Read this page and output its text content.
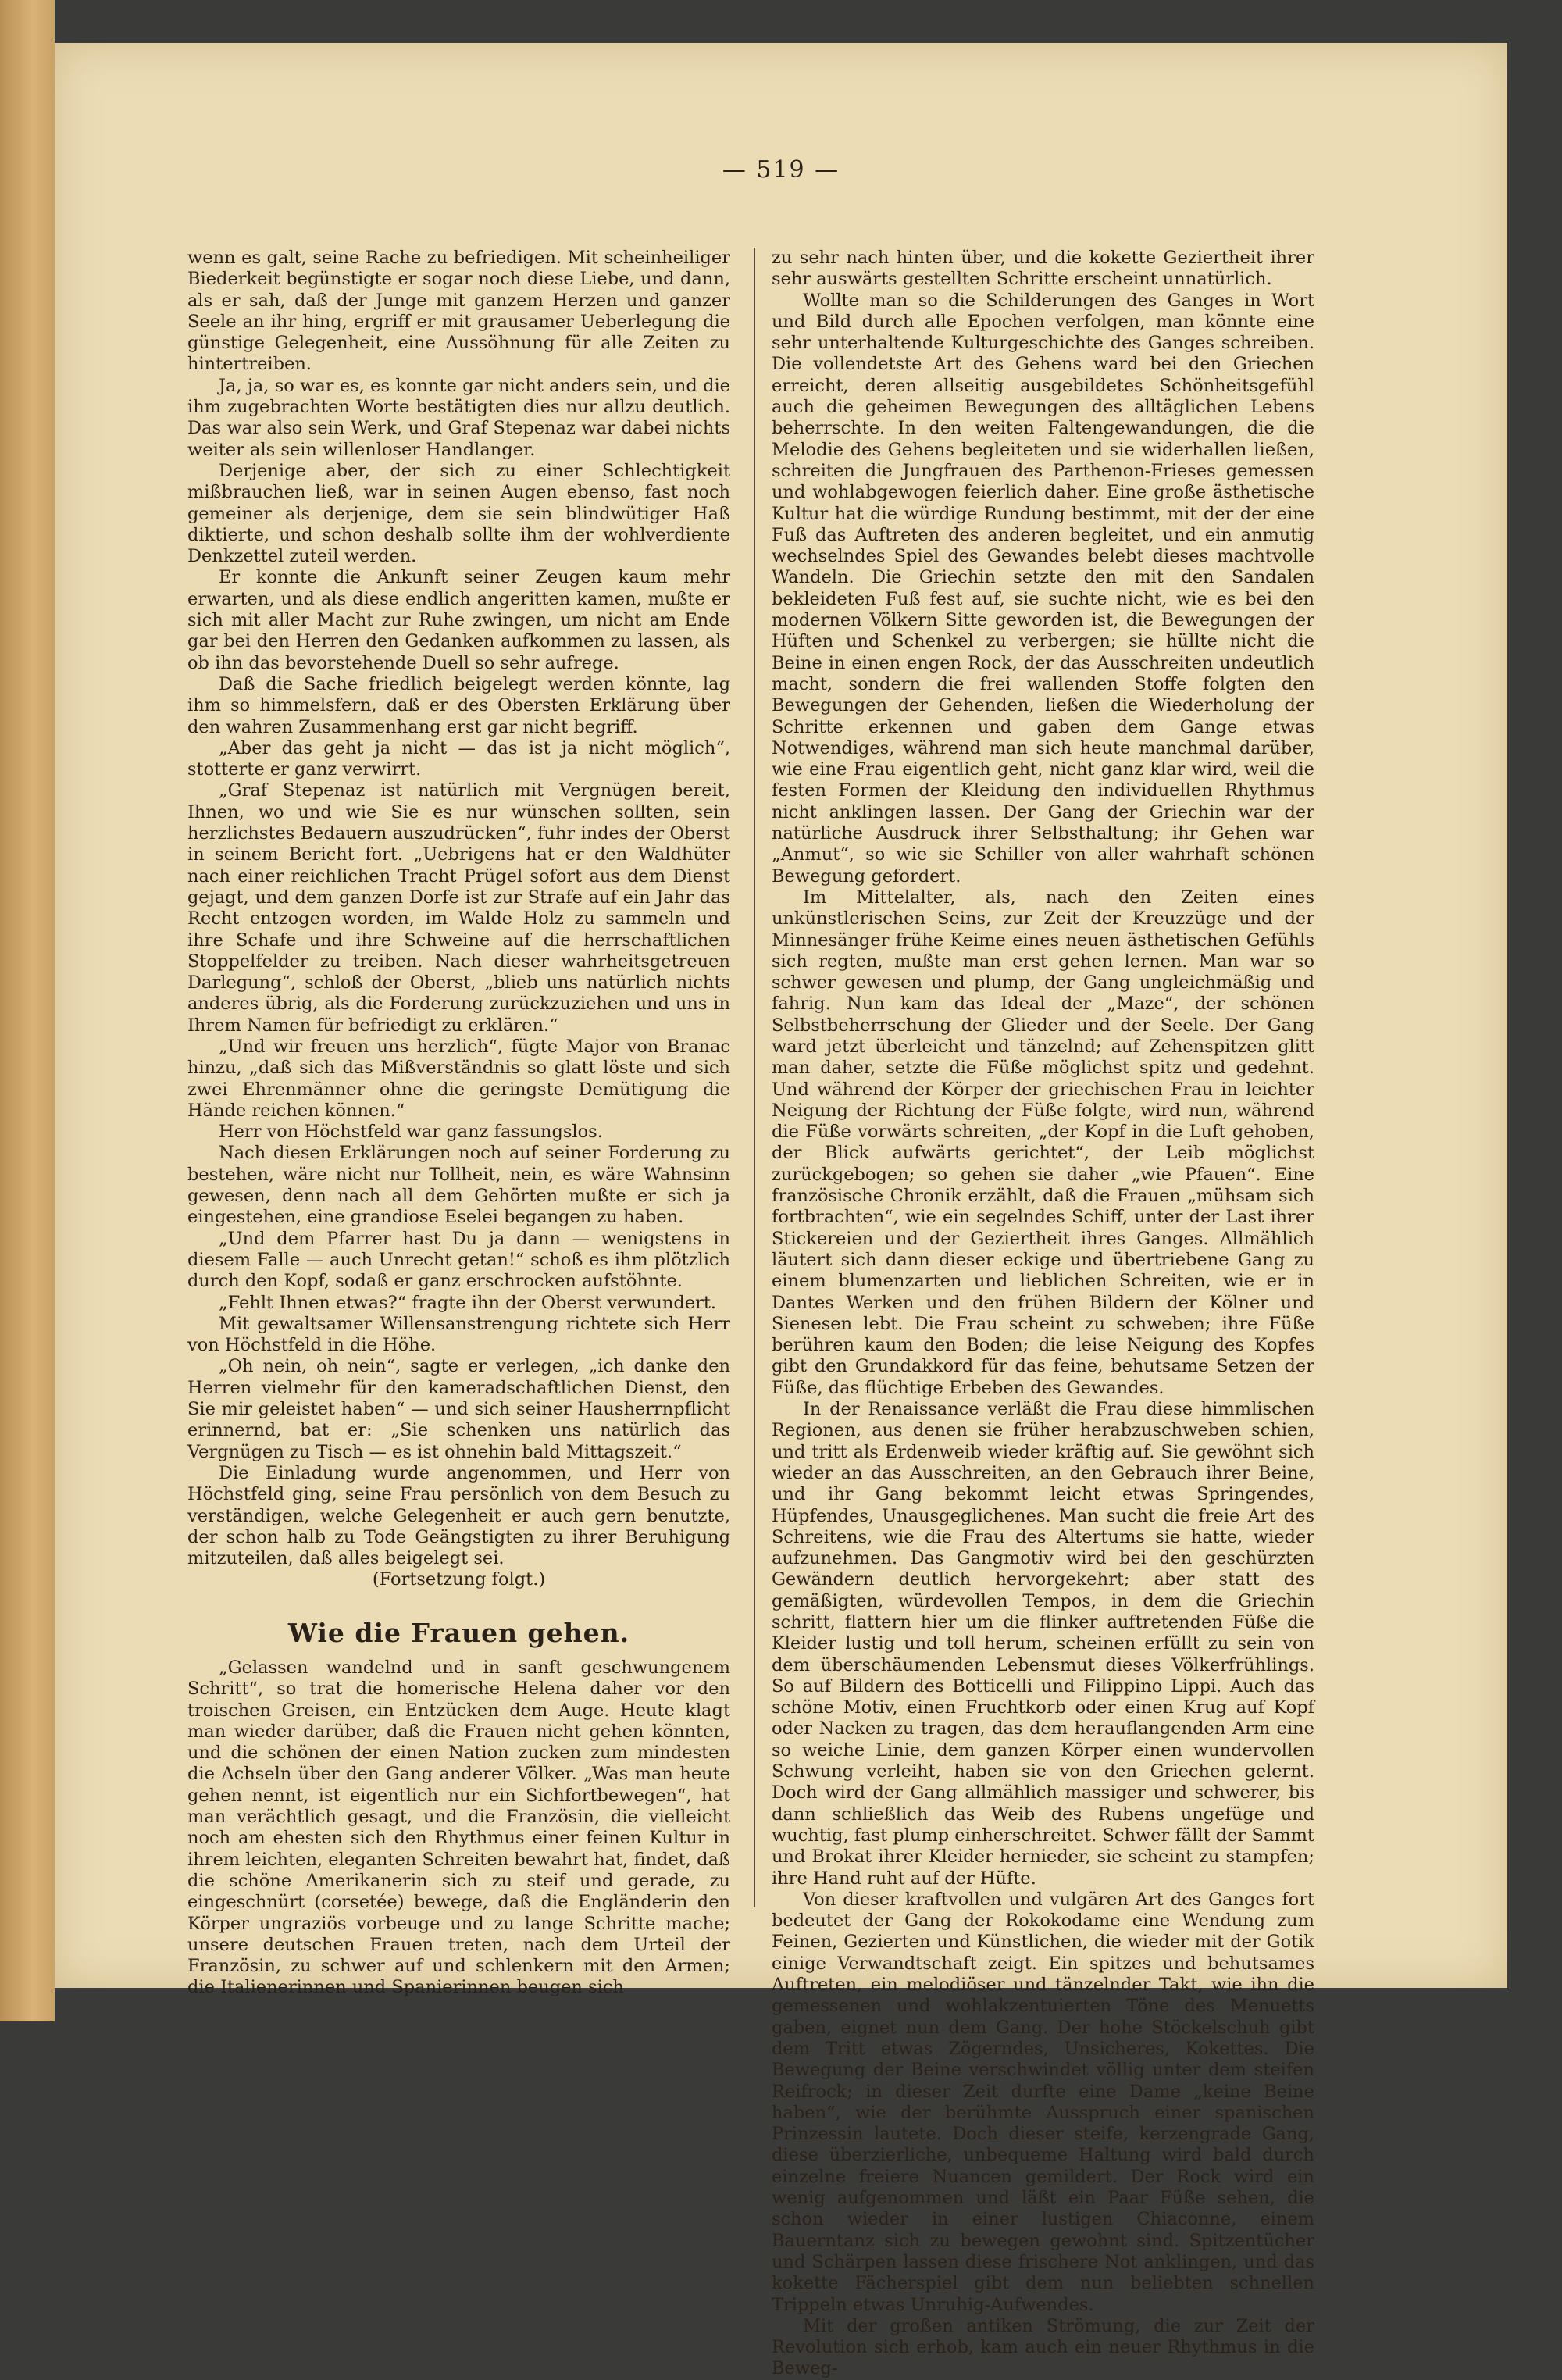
— 519 —

wenn es galt, seine Rache zu befriedigen. Mit scheinheiliger Biederkeit begünstigte er sogar noch diese Liebe, und dann, als er sah, daß der Junge mit ganzem Herzen und ganzer Seele an ihr hing, ergriff er mit grausamer Ueberlegung die günstige Gelegenheit, eine Aussöhnung für alle Zeiten zu hintertreiben.

Ja, ja, so war es, es konnte gar nicht anders sein, und die ihm zugebrachten Worte bestätigten dies nur allzu deutlich. Das war also sein Werk, und Graf Stepenaz war dabei nichts weiter als sein willenloser Handlanger.

Derjenige aber, der sich zu einer Schlechtigkeit mißbrauchen ließ, war in seinen Augen ebenso, fast noch gemeiner als derjenige, dem sie sein blindwütiger Haß diktierte, und schon deshalb sollte ihm der wohlverdiente Denkzettel zuteil werden.

Er konnte die Ankunft seiner Zeugen kaum mehr erwarten, und als diese endlich angeritten kamen, mußte er sich mit aller Macht zur Ruhe zwingen, um nicht am Ende gar bei den Herren den Gedanken aufkommen zu lassen, als ob ihn das bevorstehende Duell so sehr aufrege.

Daß die Sache friedlich beigelegt werden könnte, lag ihm so himmelsfern, daß er des Obersten Erklärung über den wahren Zusammenhang erst gar nicht begriff.

„Aber das geht ja nicht — das ist ja nicht möglich“, stotterte er ganz verwirrt.

„Graf Stepenaz ist natürlich mit Vergnügen bereit, Ihnen, wo und wie Sie es nur wünschen sollten, sein herzlichstes Bedauern auszudrücken“, fuhr indes der Oberst in seinem Bericht fort. „Uebrigens hat er den Waldhüter nach einer reichlichen Tracht Prügel sofort aus dem Dienst gejagt, und dem ganzen Dorfe ist zur Strafe auf ein Jahr das Recht entzogen worden, im Walde Holz zu sammeln und ihre Schafe und ihre Schweine auf die herrschaftlichen Stoppelfelder zu treiben. Nach dieser wahrheitsgetreuen Darlegung“, schloß der Oberst, „blieb uns natürlich nichts anderes übrig, als die Forderung zurückzuziehen und uns in Ihrem Namen für befriedigt zu erklären.“

„Und wir freuen uns herzlich“, fügte Major von Branac hinzu, „daß sich das Mißverständnis so glatt löste und sich zwei Ehrenmänner ohne die geringste Demütigung die Hände reichen können.“

Herr von Höchstfeld war ganz fassungslos.

Nach diesen Erklärungen noch auf seiner Forderung zu bestehen, wäre nicht nur Tollheit, nein, es wäre Wahnsinn gewesen, denn nach all dem Gehörten mußte er sich ja eingestehen, eine grandiose Eselei begangen zu haben.

„Und dem Pfarrer hast Du ja dann — wenigstens in diesem Falle — auch Unrecht getan!“ schoß es ihm plötzlich durch den Kopf, sodaß er ganz erschrocken aufstöhnte.

„Fehlt Ihnen etwas?“ fragte ihn der Oberst verwundert.

Mit gewaltsamer Willensanstrengung richtete sich Herr von Höchstfeld in die Höhe.

„Oh nein, oh nein“, sagte er verlegen, „ich danke den Herren vielmehr für den kameradschaftlichen Dienst, den Sie mir geleistet haben“ — und sich seiner Hausherrnpflicht erinnernd, bat er: „Sie schenken uns natürlich das Vergnügen zu Tisch — es ist ohnehin bald Mittagszeit.“

Die Einladung wurde angenommen, und Herr von Höchstfeld ging, seine Frau persönlich von dem Besuch zu verständigen, welche Gelegenheit er auch gern benutzte, der schon halb zu Tode Geängstigten zu ihrer Beruhigung mitzuteilen, daß alles beigelegt sei.

(Fortsetzung folgt.)

Wie die Frauen gehen.

„Gelassen wandelnd und in sanft geschwungenem Schritt“, so trat die homerische Helena daher vor den troischen Greisen, ein Entzücken dem Auge. Heute klagt man wieder darüber, daß die Frauen nicht gehen könnten, und die schönen der einen Nation zucken zum mindesten die Achseln über den Gang anderer Völker. „Was man heute gehen nennt, ist eigentlich nur ein Sichfortbewegen“, hat man verächtlich gesagt, und die Französin, die vielleicht noch am ehesten sich den Rhythmus einer feinen Kultur in ihrem leichten, eleganten Schreiten bewahrt hat, findet, daß die schöne Amerikanerin sich zu steif und gerade, zu eingeschnürt (corsetée) bewege, daß die Engländerin den Körper ungraziös vorbeuge und zu lange Schritte mache; unsere deutschen Frauen treten, nach dem Urteil der Französin, zu schwer auf und schlenkern mit den Armen; die Italienerinnen und Spanierinnen beugen sich

zu sehr nach hinten über, und die kokette Geziertheit ihrer sehr auswärts gestellten Schritte erscheint unnatürlich.

Wollte man so die Schilderungen des Ganges in Wort und Bild durch alle Epochen verfolgen, man könnte eine sehr unterhaltende Kulturgeschichte des Ganges schreiben. Die vollendetste Art des Gehens ward bei den Griechen erreicht, deren allseitig ausgebildetes Schönheitsgefühl auch die geheimen Bewegungen des alltäglichen Lebens beherrschte. In den weiten Faltengewandungen, die die Melodie des Gehens begleiteten und sie widerhallen ließen, schreiten die Jungfrauen des Parthenon-Frieses gemessen und wohlabgewogen feierlich daher. Eine große ästhetische Kultur hat die würdige Rundung bestimmt, mit der der eine Fuß das Auftreten des anderen begleitet, und ein anmutig wechselndes Spiel des Gewandes belebt dieses machtvolle Wandeln. Die Griechin setzte den mit den Sandalen bekleideten Fuß fest auf, sie suchte nicht, wie es bei den modernen Völkern Sitte geworden ist, die Bewegungen der Hüften und Schenkel zu verbergen; sie hüllte nicht die Beine in einen engen Rock, der das Ausschreiten undeutlich macht, sondern die frei wallenden Stoffe folgten den Bewegungen der Gehenden, ließen die Wiederholung der Schritte erkennen und gaben dem Gange etwas Notwendiges, während man sich heute manchmal darüber, wie eine Frau eigentlich geht, nicht ganz klar wird, weil die festen Formen der Kleidung den individuellen Rhythmus nicht anklingen lassen. Der Gang der Griechin war der natürliche Ausdruck ihrer Selbsthaltung; ihr Gehen war „Anmut“, so wie sie Schiller von aller wahrhaft schönen Bewegung gefordert.

Im Mittelalter, als, nach den Zeiten eines unkünstlerischen Seins, zur Zeit der Kreuzzüge und der Minnesänger frühe Keime eines neuen ästhetischen Gefühls sich regten, mußte man erst gehen lernen. Man war so schwer gewesen und plump, der Gang ungleichmäßig und fahrig. Nun kam das Ideal der „Maze“, der schönen Selbstbeherrschung der Glieder und der Seele. Der Gang ward jetzt überleicht und tänzelnd; auf Zehenspitzen glitt man daher, setzte die Füße möglichst spitz und gedehnt. Und während der Körper der griechischen Frau in leichter Neigung der Richtung der Füße folgte, wird nun, während die Füße vorwärts schreiten, „der Kopf in die Luft gehoben, der Blick aufwärts gerichtet“, der Leib möglichst zurückgebogen; so gehen sie daher „wie Pfauen“. Eine französische Chronik erzählt, daß die Frauen „mühsam sich fortbrachten“, wie ein segelndes Schiff, unter der Last ihrer Stickereien und der Geziertheit ihres Ganges. Allmählich läutert sich dann dieser eckige und übertriebene Gang zu einem blumenzarten und lieblichen Schreiten, wie er in Dantes Werken und den frühen Bildern der Kölner und Sienesen lebt. Die Frau scheint zu schweben; ihre Füße berühren kaum den Boden; die leise Neigung des Kopfes gibt den Grundakkord für das feine, behutsame Setzen der Füße, das flüchtige Erbeben des Gewandes.

In der Renaissance verläßt die Frau diese himmlischen Regionen, aus denen sie früher herabzuschweben schien, und tritt als Erdenweib wieder kräftig auf. Sie gewöhnt sich wieder an das Ausschreiten, an den Gebrauch ihrer Beine, und ihr Gang bekommt leicht etwas Springendes, Hüpfendes, Unausgeglichenes. Man sucht die freie Art des Schreitens, wie die Frau des Altertums sie hatte, wieder aufzunehmen. Das Gangmotiv wird bei den geschürzten Gewändern deutlich hervorgekehrt; aber statt des gemäßigten, würdevollen Tempos, in dem die Griechin schritt, flattern hier um die flinker auftretenden Füße die Kleider lustig und toll herum, scheinen erfüllt zu sein von dem überschäumenden Lebensmut dieses Völkerfrühlings. So auf Bildern des Botticelli und Filippino Lippi. Auch das schöne Motiv, einen Fruchtkorb oder einen Krug auf Kopf oder Nacken zu tragen, das dem herauflangenden Arm eine so weiche Linie, dem ganzen Körper einen wundervollen Schwung verleiht, haben sie von den Griechen gelernt. Doch wird der Gang allmählich massiger und schwerer, bis dann schließlich das Weib des Rubens ungefüge und wuchtig, fast plump einherschreitet. Schwer fällt der Sammt und Brokat ihrer Kleider hernieder, sie scheint zu stampfen; ihre Hand ruht auf der Hüfte.

Von dieser kraftvollen und vulgären Art des Ganges fort bedeutet der Gang der Rokokodame eine Wendung zum Feinen, Gezierten und Künstlichen, die wieder mit der Gotik einige Verwandtschaft zeigt. Ein spitzes und behutsames Auftreten, ein melodiöser und tänzelnder Takt, wie ihn die gemessenen und wohlakzentuierten Töne des Menuetts gaben, eignet nun dem Gang. Der hohe Stöckelschuh gibt dem Tritt etwas Zögerndes, Unsicheres, Kokettes. Die Bewegung der Beine verschwindet völlig unter dem steifen Reifrock; in dieser Zeit durfte eine Dame „keine Beine haben“, wie der berühmte Ausspruch einer spanischen Prinzessin lautete. Doch dieser steife, kerzengrade Gang, diese überzierliche, unbequeme Haltung wird bald durch einzelne freiere Nuancen gemildert. Der Rock wird ein wenig aufgenommen und läßt ein Paar Füße sehen, die schon wieder in einer lustigen Chiaconne, einem Bauerntanz sich zu bewegen gewohnt sind. Spitzentücher und Schärpen lassen diese frischere Not anklingen, und das kokette Fächerspiel gibt dem nun beliebten schnellen Trippeln etwas Unruhig-Aufwendes.

Mit der großen antiken Strömung, die zur Zeit der Revolution sich erhob, kam auch ein neuer Rhythmus in die Beweg-
